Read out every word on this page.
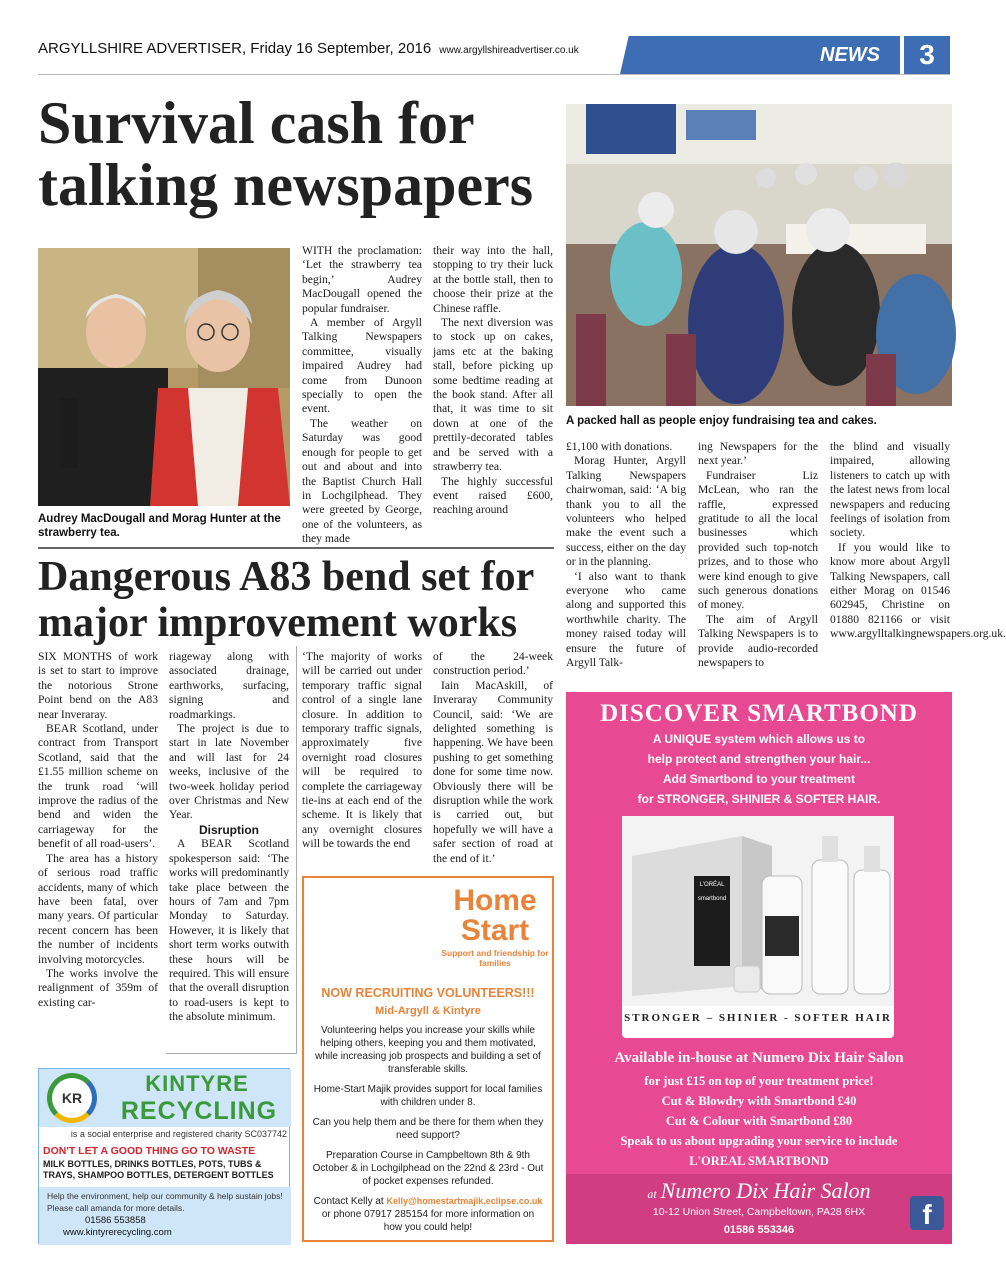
ARGYLLSHIRE ADVERTISER, Friday 16 September, 2016 www.argyllshireadvertiser.co.uk	NEWS	3
Survival cash for talking newspapers
Audrey MacDougall and Morag Hunter at the strawberry tea.
A packed hall as people enjoy fundraising tea and cakes.

WITH the proclamation: ‘Let the strawberry tea begin,’ Audrey MacDougall opened the popular fundraiser.

A member of Argyll Talking Newspapers committee, visually impaired Audrey had come from Dunoon specially to open the event.

The weather on Saturday was good enough for people to get out and about and into the Baptist Church Hall in Lochgilphead. They were greeted by George, one of the volunteers, as they made

their way into the hall, stopping to try their luck at the bottle stall, then to choose their prize at the Chinese raffle.

The next diversion was to stock up on cakes, jams etc at the baking stall, before picking up some bedtime reading at the book stand. After all that, it was time to sit down at one of the prettily-decorated tables and be served with a strawberry tea.

The highly successful event raised £600, reaching around

£1,100 with donations.

Morag Hunter, Argyll Talking Newspapers chairwoman, said: ‘A big thank you to all the volunteers who helped make the event such a success, either on the day or in the planning.

‘I also want to thank everyone who came along and supported this worthwhile charity. The money raised today will ensure the future of Argyll Talk-

ing Newspapers for the next year.’

Fundraiser Liz McLean, who ran the raffle, expressed gratitude to all the local businesses which provided such top-notch prizes, and to those who were kind enough to give such generous donations of money.

The aim of Argyll Talking Newspapers is to provide audio-recorded newspapers to

the blind and visually impaired, allowing listeners to catch up with the latest news from local newspapers and reducing feelings of isolation from society.

If you would like to know more about Argyll Talking Newspapers, call either Morag on 01546 602945, Christine on 01880 821166 or visit www.argylltalkingnewspapers.org.uk.

Dangerous A83 bend set for major improvement works

SIX MONTHS of work is set to start to improve the notorious Strone Point bend on the A83 near Inveraray.

BEAR Scotland, under contract from Transport Scotland, said that the £1.55 million scheme on the trunk road ‘will improve the radius of the bend and widen the carriageway for the benefit of all road-users’.

The area has a history of serious road traffic accidents, many of which have been fatal, over many years. Of particular recent concern has been the number of incidents involving motorcycles.

The works involve the realignment of 359m of existing car-

riageway along with associated drainage, earthworks, surfacing, signing and roadmarkings.

The project is due to start in late November and will last for 24 weeks, inclusive of the two-week holiday period over Christmas and New Year.

Disruption

A BEAR Scotland spokesperson said: ‘The works will predominantly take place between the hours of 7am and 7pm Monday to Saturday. However, it is likely that short term works outwith these hours will be required. This will ensure that the overall disruption to road-users is kept to the absolute minimum.

‘The majority of works will be carried out under temporary traffic signal control of a single lane closure. In addition to temporary traffic signals, approximately five overnight road closures will be required to complete the carriageway tie-ins at each end of the scheme. It is likely that any overnight closures will be towards the end

of the 24-week construction period.’

Iain MacAskill, of Inveraray Community Council, said: ‘We are delighted something is happening. We have been pushing to get something done for some time now. Obviously there will be disruption while the work is carried out, but hopefully we will have a safer section of road at the end of it.’

KR
KINTYRE
RECYCLING
is a social enterprise and registered charity SC037742
DON'T LET A GOOD THING GO TO WASTE
MILK BOTTLES, DRINKS BOTTLES, POTS, TUBS & TRAYS, SHAMPOO BOTTLES, DETERGENT BOTTLES
Help the environment, help our community & help sustain jobs!
Please call amanda for more details.
01586 553858
www.kintyrerecycling.com
Home
Start
Support and friendship for families
NOW RECRUITING VOLUNTEERS!!!
Mid-Argyll & Kintyre

Volunteering helps you increase your skills while helping others, keeping you and them motivated, while increasing job prospects and building a set of transferable skills.

Home-Start Majik provides support for local families with children under 8.

Can you help them and be there for them when they need support?

Preparation Course in Campbeltown 8th & 9th October & in Lochgilphead on the 22nd & 23rd - Out of pocket expenses refunded.

Contact Kelly at Kelly@homestartmajik.eclipse.co.uk or phone 07917 285154 for more information on how you could help!

DISCOVER SMARTBOND
A UNIQUE system which allows us to
help protect and strengthen your hair...
Add Smartbond to your treatment
for STRONGER, SHINIER & SOFTER HAIR.
L'ORÉAL
smartbond
STRONGER – SHINIER - SOFTER HAIR
Available in-house at Numero Dix Hair Salon
for just £15 on top of your treatment price!
Cut & Blowdry with Smartbond £40
Cut & Colour with Smartbond £80
Speak to us about upgrading your service to include
L'OREAL SMARTBOND
at Numero Dix Hair Salon
10-12 Union Street, Campbeltown, PA28 6HX
01586 553346	f
